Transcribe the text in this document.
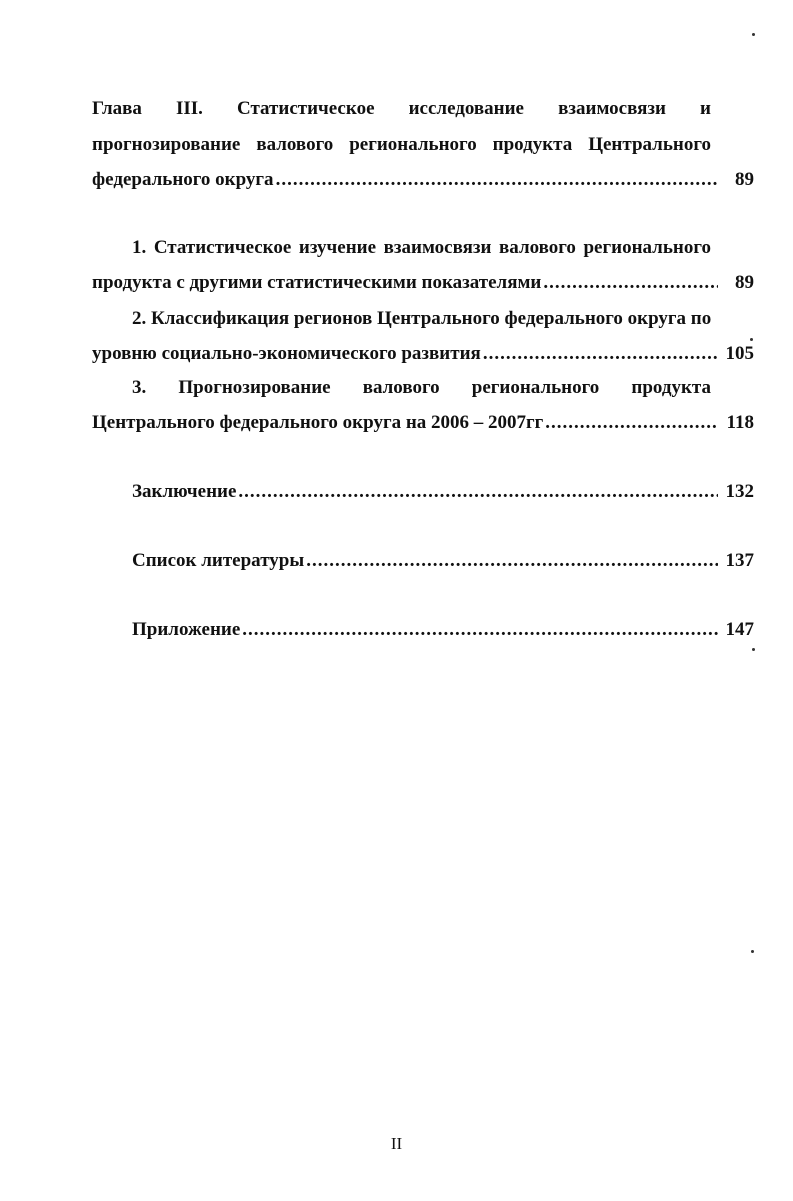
Глава III. Статистическое исследование взаимосвязи и
прогнозирование валового регионального продукта Центрального
федерального округа .....	89
1. Статистическое изучение взаимосвязи валового регионального
продукта с другими статистическими показателями .....	89
2. Классификация регионов Центрального федерального округа по
уровню социально-экономического развития .....	105
3. Прогнозирование валового регионального продукта
Центрального федерального округа на 2006 – 2007гг .....	118
Заключение .....	132
Список литературы .....	137
Приложение .....	147
II
